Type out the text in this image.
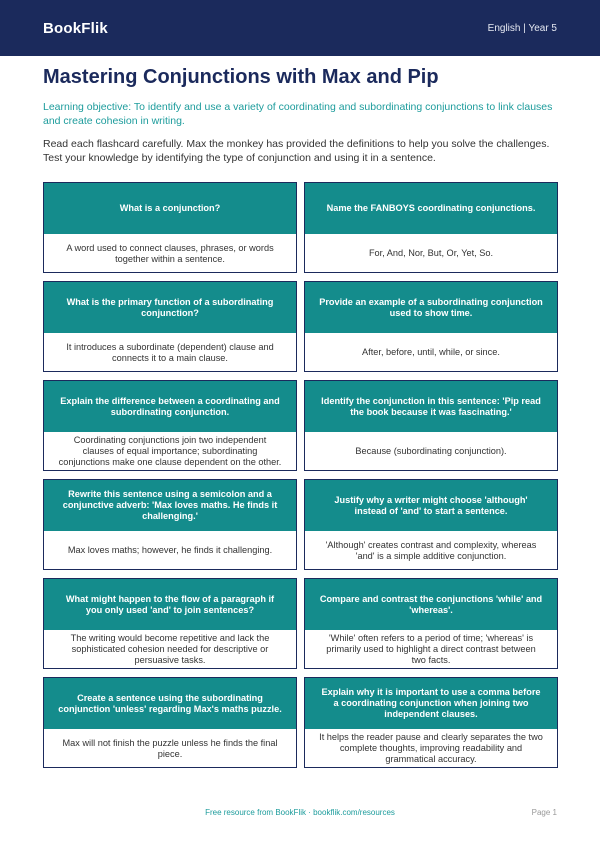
BookFlik	English | Year 5
Mastering Conjunctions with Max and Pip

Learning objective: To identify and use a variety of coordinating and subordinating conjunctions to link clauses and create cohesion in writing.

Read each flashcard carefully. Max the monkey has provided the definitions to help you solve the challenges. Test your knowledge by identifying the type of conjunction and using it in a sentence.

What is a conjunction?
A word used to connect clauses, phrases, or words together within a sentence.
Name the FANBOYS coordinating conjunctions.
For, And, Nor, But, Or, Yet, So.
What is the primary function of a subordinating conjunction?
It introduces a subordinate (dependent) clause and connects it to a main clause.
Provide an example of a subordinating conjunction used to show time.
After, before, until, while, or since.
Explain the difference between a coordinating and subordinating conjunction.
Coordinating conjunctions join two independent clauses of equal importance; subordinating conjunctions make one clause dependent on the other.
Identify the conjunction in this sentence: 'Pip read the book because it was fascinating.'
Because (subordinating conjunction).
Rewrite this sentence using a semicolon and a conjunctive adverb: 'Max loves maths. He finds it challenging.'
Max loves maths; however, he finds it challenging.
Justify why a writer might choose 'although' instead of 'and' to start a sentence.
'Although' creates contrast and complexity, whereas 'and' is a simple additive conjunction.
What might happen to the flow of a paragraph if you only used 'and' to join sentences?
The writing would become repetitive and lack the sophisticated cohesion needed for descriptive or persuasive tasks.
Compare and contrast the conjunctions 'while' and 'whereas'.
'While' often refers to a period of time; 'whereas' is primarily used to highlight a direct contrast between two facts.
Create a sentence using the subordinating conjunction 'unless' regarding Max's maths puzzle.
Max will not finish the puzzle unless he finds the final piece.
Explain why it is important to use a comma before a coordinating conjunction when joining two independent clauses.
It helps the reader pause and clearly separates the two complete thoughts, improving readability and grammatical accuracy.
Free resource from BookFlik · bookflik.com/resources	Page 1
